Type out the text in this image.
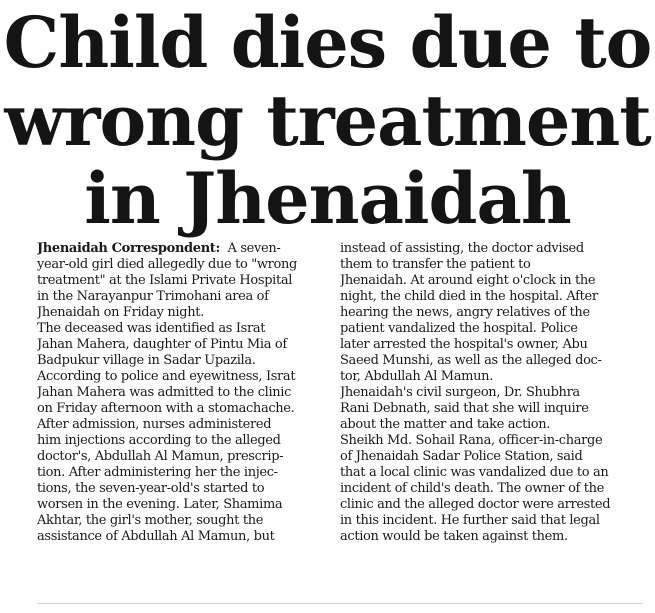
Child dies due to
wrong treatment
in Jhenaidah
Jhenaidah Correspondent: A seven-
year-old girl died allegedly due to "wrong
treatment" at the Islami Private Hospital
in the Narayanpur Trimohani area of
Jhenaidah on Friday night.
The deceased was identified as Israt
Jahan Mahera, daughter of Pintu Mia of
Badpukur village in Sadar Upazila.
According to police and eyewitness, Israt
Jahan Mahera was admitted to the clinic
on Friday afternoon with a stomachache.
After admission, nurses administered
him injections according to the alleged
doctor's, Abdullah Al Mamun, prescrip-
tion. After administering her the injec-
tions, the seven-year-old's started to
worsen in the evening. Later, Shamima
Akhtar, the girl's mother, sought the
assistance of Abdullah Al Mamun, but
instead of assisting, the doctor advised
them to transfer the patient to
Jhenaidah. At around eight o'clock in the
night, the child died in the hospital. After
hearing the news, angry relatives of the
patient vandalized the hospital. Police
later arrested the hospital's owner, Abu
Saeed Munshi, as well as the alleged doc-
tor, Abdullah Al Mamun.
Jhenaidah's civil surgeon, Dr. Shubhra
Rani Debnath, said that she will inquire
about the matter and take action.
Sheikh Md. Sohail Rana, officer-in-charge
of Jhenaidah Sadar Police Station, said
that a local clinic was vandalized due to an
incident of child's death. The owner of the
clinic and the alleged doctor were arrested
in this incident. He further said that legal
action would be taken against them.
